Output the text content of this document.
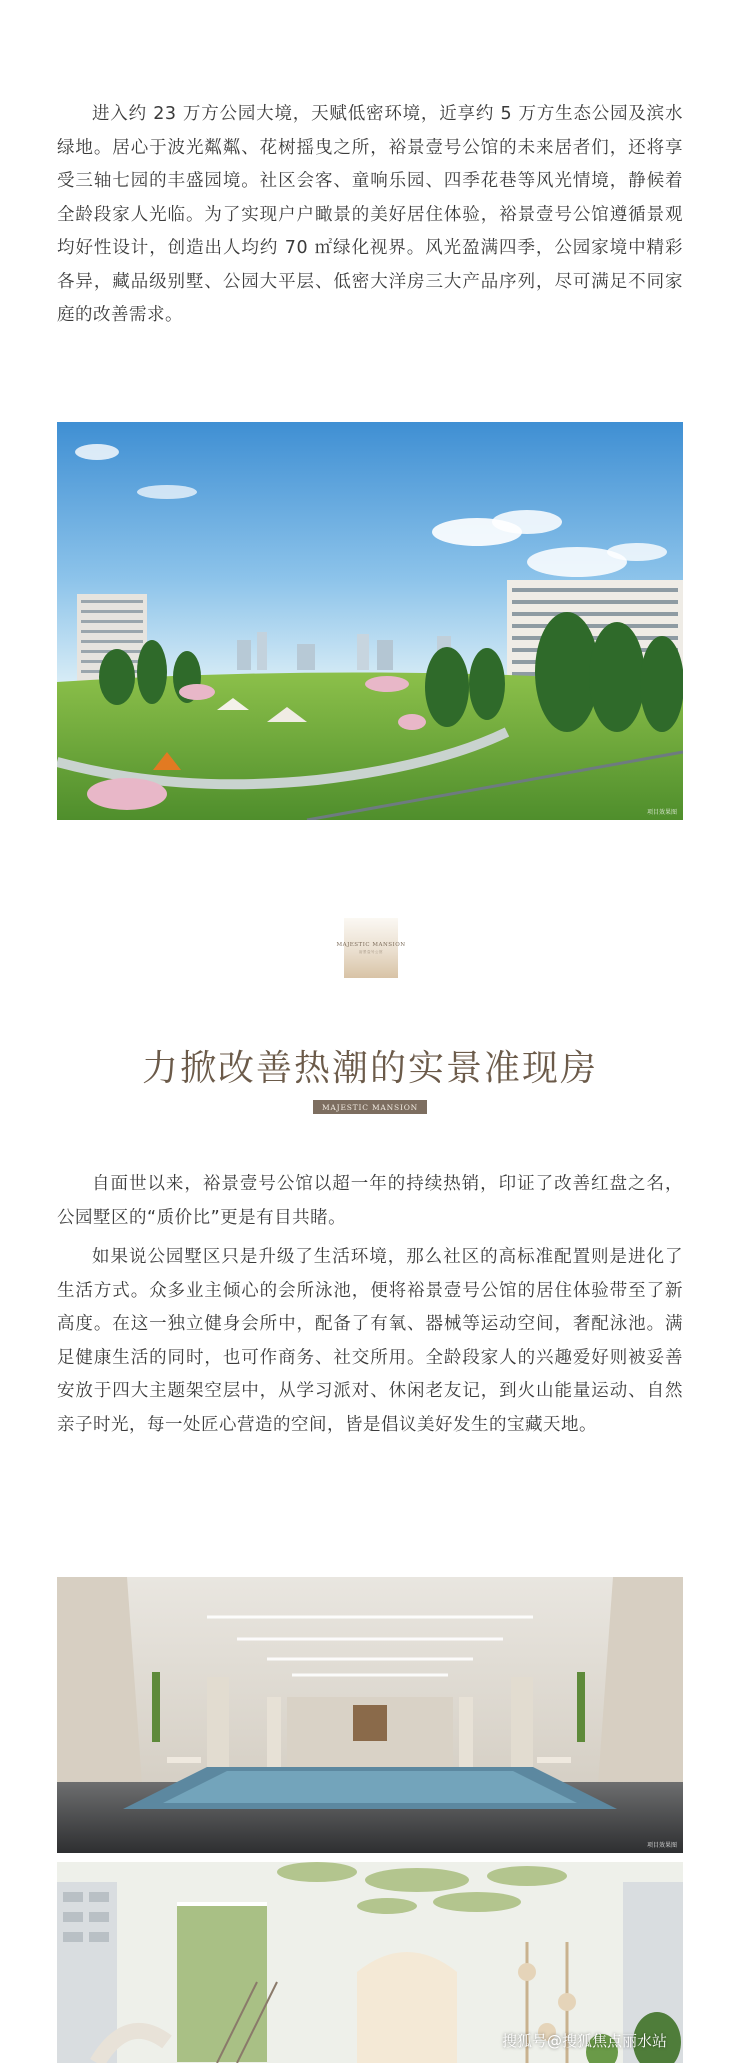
进入约 23 万方公园大境，天赋低密环境，近享约 5 万方生态公园及滨水绿地。居心于波光粼粼、花树摇曳之所，裕景壹号公馆的未来居者们，还将享受三轴七园的丰盛园境。社区会客、童响乐园、四季花巷等风光情境，静候着全龄段家人光临。为了实现户户瞰景的美好居住体验，裕景壹号公馆遵循景观均好性设计，创造出人均约 70 ㎡绿化视界。风光盈满四季，公园家境中精彩各异，藏品级别墅、公园大平层、低密大洋房三大产品序列，尽可满足不同家庭的改善需求。

项目效果图
MAJESTIC MANSION
裕景壹号公馆
力掀改善热潮的实景准现房
MAJESTIC MANSION

自面世以来，裕景壹号公馆以超一年的持续热销，印证了改善红盘之名，公园墅区的“质价比”更是有目共睹。

如果说公园墅区只是升级了生活环境，那么社区的高标准配置则是进化了生活方式。众多业主倾心的会所泳池，便将裕景壹号公馆的居住体验带至了新高度。在这一独立健身会所中，配备了有氧、器械等运动空间，奢配泳池。满足健康生活的同时，也可作商务、社交所用。全龄段家人的兴趣爱好则被妥善安放于四大主题架空层中，从学习派对、休闲老友记，到火山能量运动、自然亲子时光，每一处匠心营造的空间，皆是倡议美好发生的宝藏天地。

项目效果图
搜狐号@搜狐焦点丽水站
